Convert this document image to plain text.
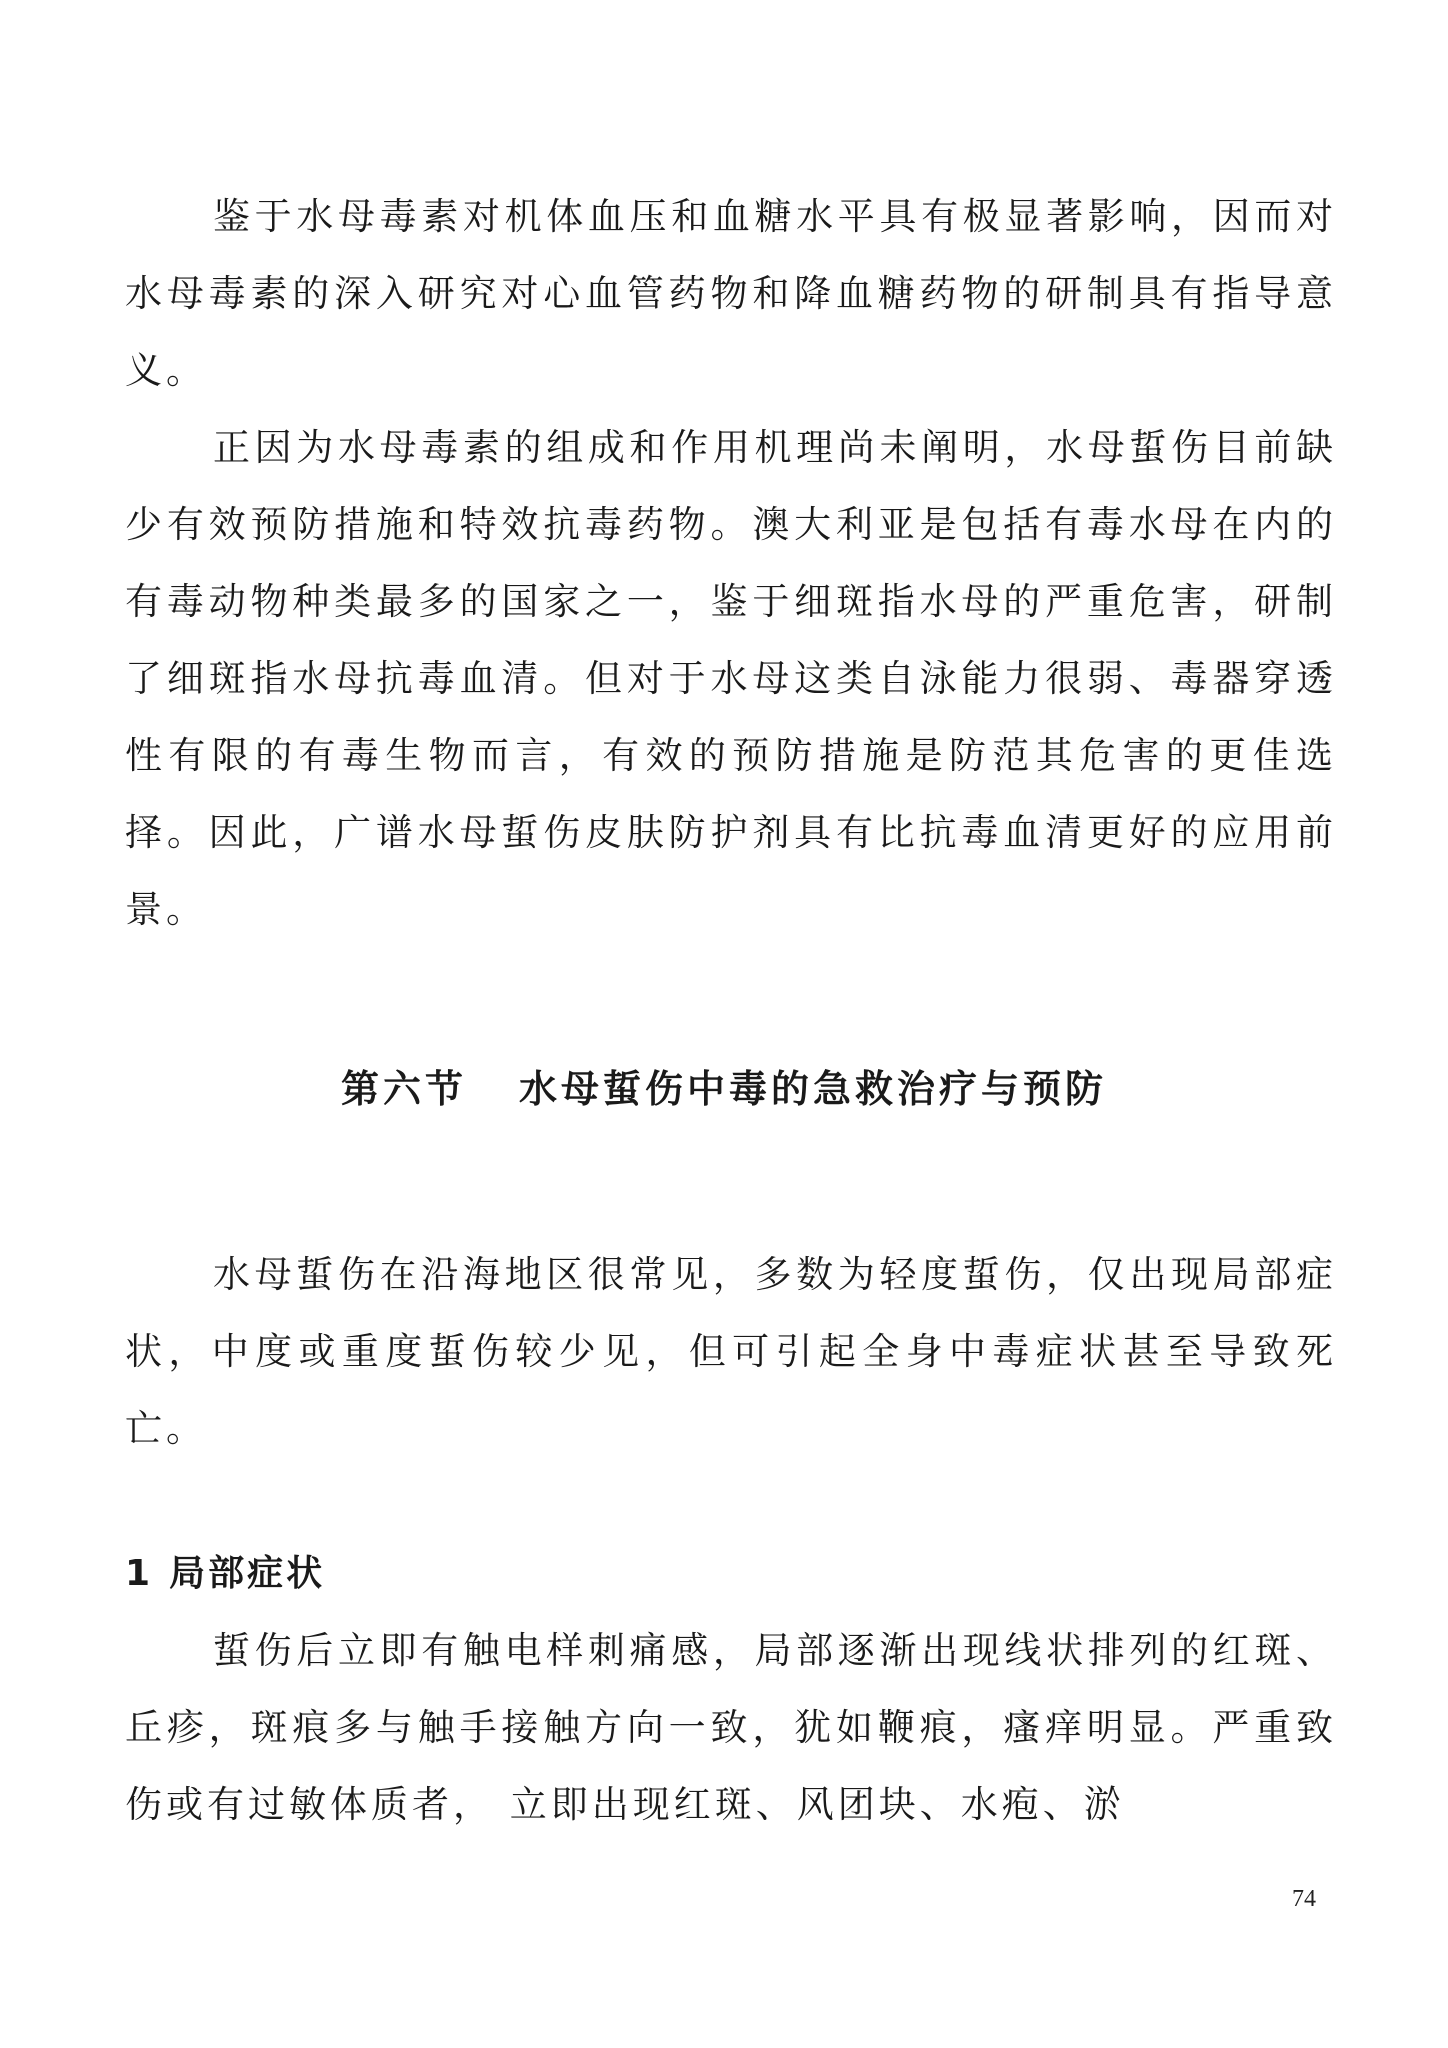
鉴于水母毒素对机体血压和血糖水平具有极显著影响，因而对水母毒素的深入研究对心血管药物和降血糖药物的研制具有指导意义。

正因为水母毒素的组成和作用机理尚未阐明，水母蜇伤目前缺少有效预防措施和特效抗毒药物。澳大利亚是包括有毒水母在内的有毒动物种类最多的国家之一，鉴于细斑指水母的严重危害，研制了细斑指水母抗毒血清。但对于水母这类自泳能力很弱、毒器穿透性有限的有毒生物而言，有效的预防措施是防范其危害的更佳选择。因此，广谱水母蜇伤皮肤防护剂具有比抗毒血清更好的应用前景。

第六节 水母蜇伤中毒的急救治疗与预防

水母蜇伤在沿海地区很常见，多数为轻度蜇伤，仅出现局部症状，中度或重度蜇伤较少见，但可引起全身中毒症状甚至导致死亡。

1 局部症状

蜇伤后立即有触电样刺痛感，局部逐渐出现线状排列的红斑、丘疹，斑痕多与触手接触方向一致，犹如鞭痕，瘙痒明显。严重致伤或有过敏体质者， 立即出现红斑、风团块、水疱、淤

74
